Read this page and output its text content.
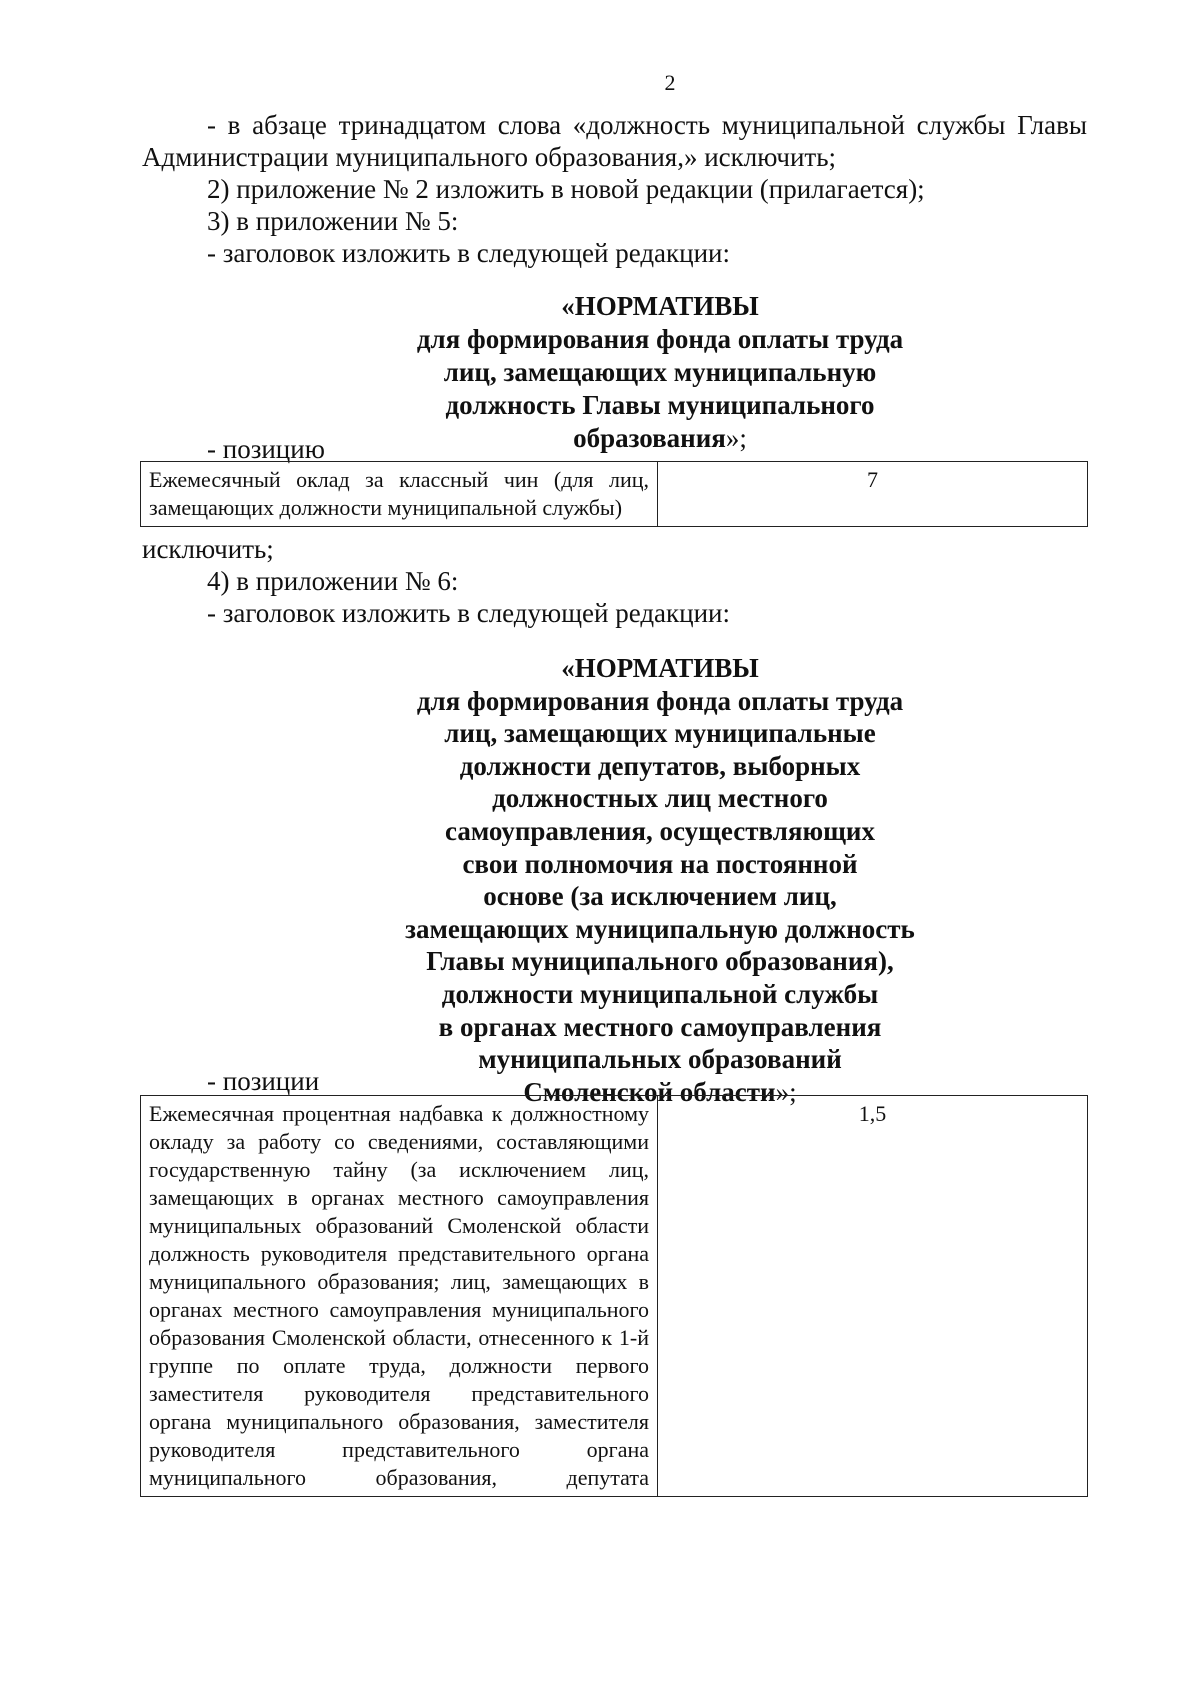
2
- в абзаце тринадцатом слова «должность муниципальной службы Главы
Администрации муниципального образования,» исключить;
2) приложение № 2 изложить в новой редакции (прилагается);
3) в приложении № 5:
- заголовок изложить в следующей редакции:
«НОРМАТИВЫ
для формирования фонда оплаты труда
лиц, замещающих муниципальную
должность Главы муниципального
образования»;
- позицию
Ежемесячный оклад за классный чин (для лиц,
замещающих должности муниципальной службы)
	7
исключить;
4) в приложении № 6:
- заголовок изложить в следующей редакции:
«НОРМАТИВЫ
для формирования фонда оплаты труда
лиц, замещающих муниципальные
должности депутатов, выборных
должностных лиц местного
самоуправления, осуществляющих
свои полномочия на постоянной
основе (за исключением лиц,
замещающих муниципальную должность
Главы муниципального образования),
должности муниципальной службы
в органах местного самоуправления
муниципальных образований
Смоленской области»;
- позиции
Ежемесячная процентная надбавка к должностному
окладу за работу со сведениями, составляющими
государственную тайну (за исключением лиц,
замещающих в органах местного самоуправления
муниципальных образований Смоленской области
должность руководителя представительного органа
муниципального образования; лиц, замещающих в
органах местного самоуправления муниципального
образования Смоленской области, отнесенного к 1-й
группе по оплате труда, должности первого
заместителя руководителя представительного
органа муниципального образования, заместителя
руководителя представительного органа
муниципального образования, депутата
	1,5
